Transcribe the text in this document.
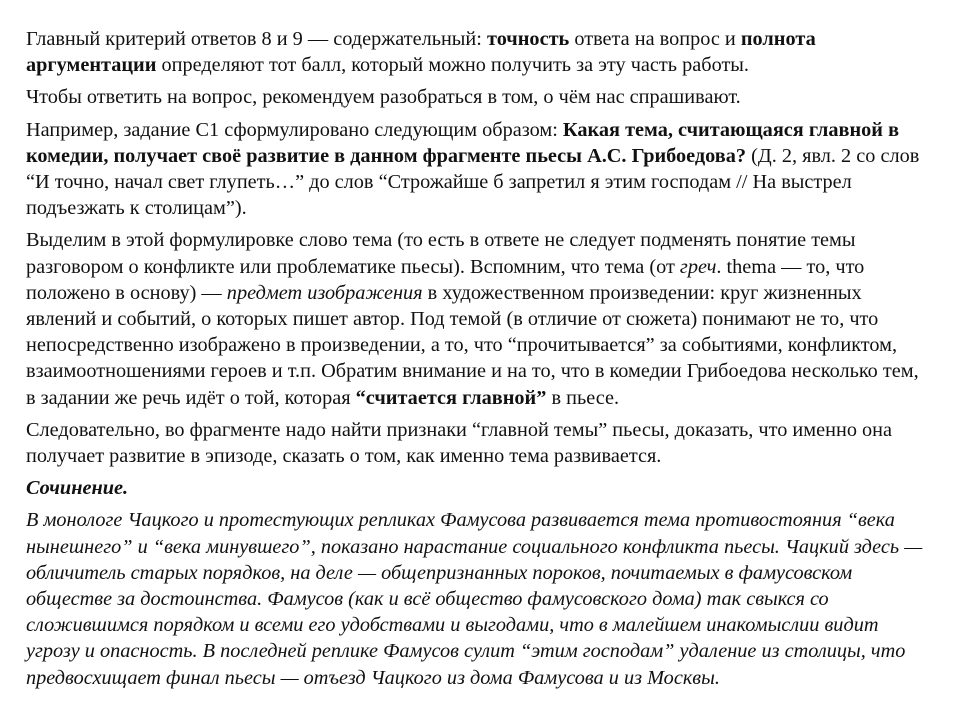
Главный критерий ответов 8 и 9 — содержательный: точность ответа на вопрос и полнота аргументации определяют тот балл, который можно получить за эту часть работы.

Чтобы ответить на вопрос, рекомендуем разобраться в том, о чём нас спрашивают.

Например, задание С1 сформулировано следующим образом: Какая тема, считающаяся главной в комедии, получает своё развитие в данном фрагменте пьесы А.С. Грибоедова? (Д. 2, явл. 2 со слов “И точно, начал свет глупеть…” до слов “Строжайше б запретил я этим господам // На выстрел подъезжать к столицам”).

Выделим в этой формулировке слово тема (то есть в ответе не следует подменять понятие темы разговором о конфликте или проблематике пьесы). Вспомним, что тема (от греч. thema — то, что положено в основу) — предмет изображения в художественном произведении: круг жизненных явлений и событий, о которых пишет автор. Под темой (в отличие от сюжета) понимают не то, что непосредственно изображено в произведении, а то, что “прочитывается” за событиями, конфликтом, взаимоотношениями героев и т.п. Обратим внимание и на то, что в комедии Грибоедова несколько тем, в задании же речь идёт о той, которая “считается главной” в пьесе.

Следовательно, во фрагменте надо найти признаки “главной темы” пьесы, доказать, что именно она получает развитие в эпизоде, сказать о том, как именно тема развивается.

Сочинение.

В монологе Чацкого и протестующих репликах Фамусова развивается тема противостояния “века нынешнего” и “века минувшего”, показано нарастание социального конфликта пьесы. Чацкий здесь — обличитель старых порядков, на деле — общепризнанных пороков, почитаемых в фамусовском обществе за достоинства. Фамусов (как и всё общество фамусовского дома) так свыкся со сложившимся порядком и всеми его удобствами и выгодами, что в малейшем инакомыслии видит угрозу и опасность. В последней реплике Фамусов сулит “этим господам” удаление из столицы, что предвосхищает финал пьесы — отъезд Чацкого из дома Фамусова и из Москвы.
